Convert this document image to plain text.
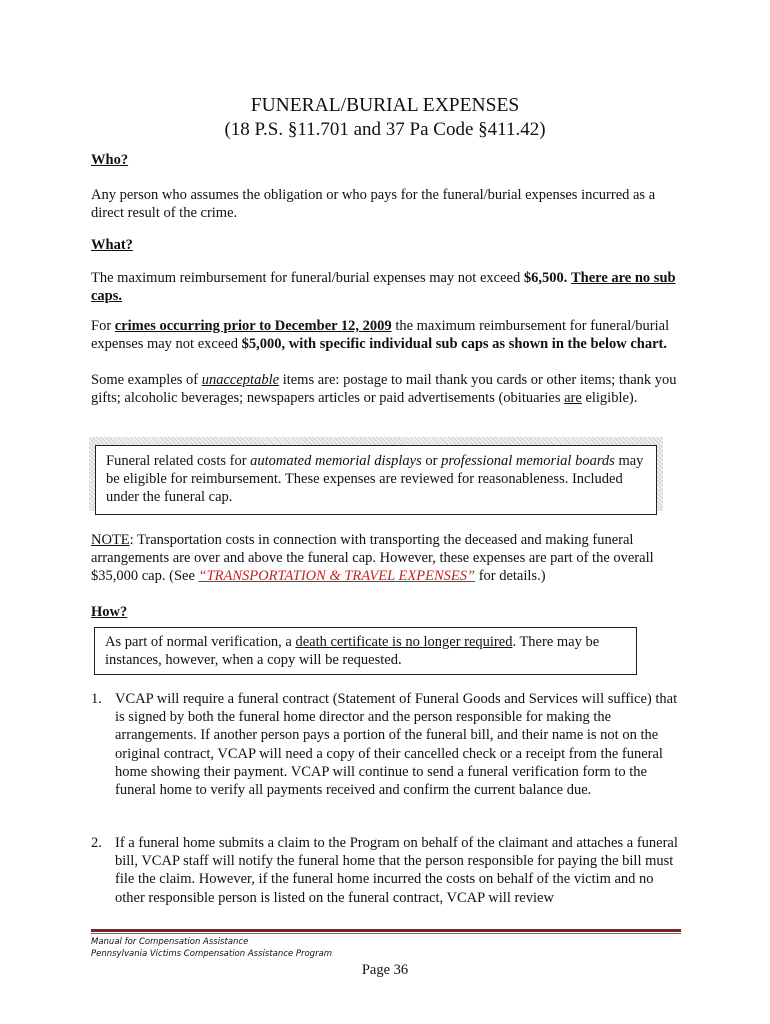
FUNERAL/BURIAL EXPENSES
(18 P.S. §11.701 and 37 Pa Code §411.42)
Who?
Any person who assumes the obligation or who pays for the funeral/burial expenses incurred as a direct result of the crime.
What?
The maximum reimbursement for funeral/burial expenses may not exceed $6,500. There are no sub caps.
For crimes occurring prior to December 12, 2009 the maximum reimbursement for funeral/burial expenses may not exceed $5,000, with specific individual sub caps as shown in the below chart.
Some examples of unacceptable items are: postage to mail thank you cards or other items; thank you gifts; alcoholic beverages; newspapers articles or paid advertisements (obituaries are eligible).
Funeral related costs for automated memorial displays or professional memorial boards may be eligible for reimbursement. These expenses are reviewed for reasonableness. Included under the funeral cap.
NOTE: Transportation costs in connection with transporting the deceased and making funeral arrangements are over and above the funeral cap. However, these expenses are part of the overall $35,000 cap. (See “TRANSPORTATION & TRAVEL EXPENSES” for details.)
How?
As part of normal verification, a death certificate is no longer required. There may be instances, however, when a copy will be requested.
1. VCAP will require a funeral contract (Statement of Funeral Goods and Services will suffice) that is signed by both the funeral home director and the person responsible for making the arrangements. If another person pays a portion of the funeral bill, and their name is not on the original contract, VCAP will need a copy of their cancelled check or a receipt from the funeral home showing their payment. VCAP will continue to send a funeral verification form to the funeral home to verify all payments received and confirm the current balance due.
2. If a funeral home submits a claim to the Program on behalf of the claimant and attaches a funeral bill, VCAP staff will notify the funeral home that the person responsible for paying the bill must file the claim. However, if the funeral home incurred the costs on behalf of the victim and no other responsible person is listed on the funeral contract, VCAP will review
Manual for Compensation Assistance
Pennsylvania Victims Compensation Assistance Program
Page 36
